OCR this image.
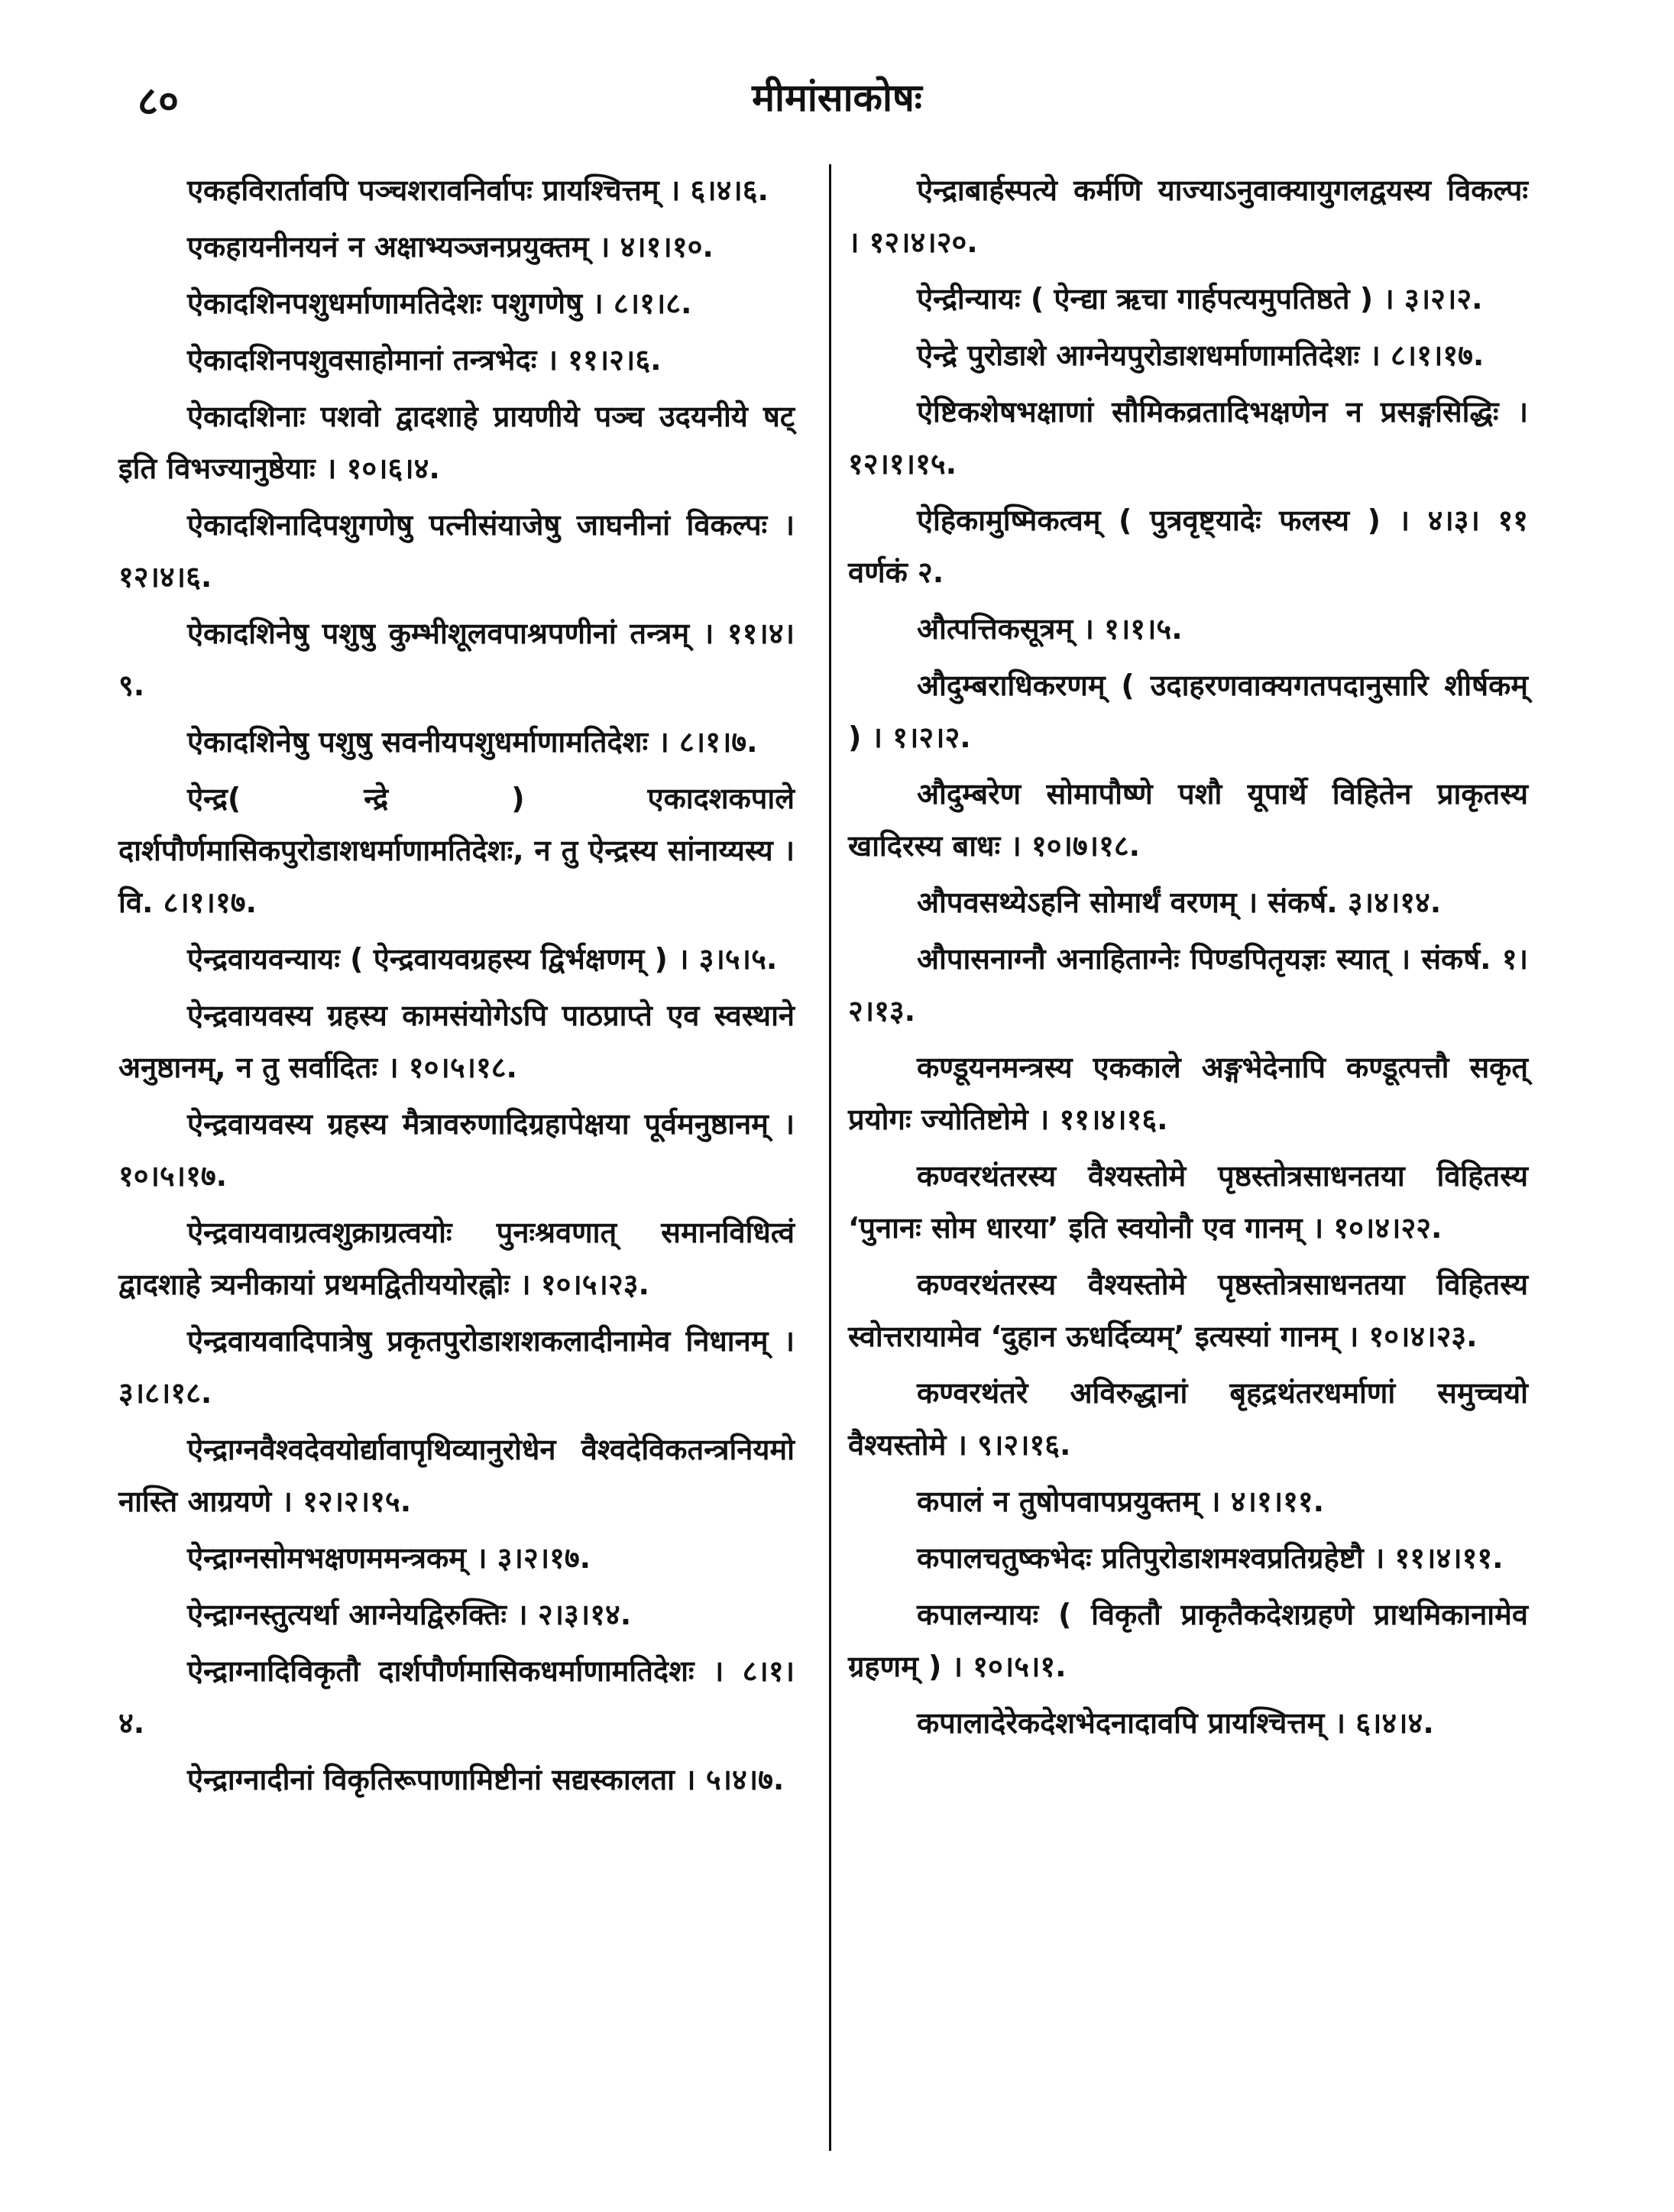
८०	मीमांसाकोषः

एकहविरार्तावपि पञ्चशरावनिर्वापः प्रायश्चित्तम् । ६।४।६.

एकहायनीनयनं न अक्षाभ्यञ्जनप्रयुक्तम् । ४।१।१०.

ऐकादशिनपशुधर्माणामतिदेशः पशुगणेषु । ८।१।८.

ऐकादशिनपशुवसाहोमानां तन्त्रभेदः । ११।२।६.

ऐकादशिनाः पशवो द्वादशाहे प्रायणीये पञ्च उदयनीये षट् इति विभज्यानुष्ठेयाः । १०।६।४.

ऐकादशिनादिपशुगणेषु पत्नीसंयाजेषु जाघनीनां विकल्पः । १२।४।६.

ऐकादशिनेषु पशुषु कुम्भीशूलवपाश्रपणीनां तन्त्रम् । ११।४।९.

ऐकादशिनेषु पशुषु सवनीयपशुधर्माणामतिदेशः । ८।१।७.

ऐन्द्र( न्द्रे ) एकादशकपाले दार्शपौर्णमासिकपुरोडाशधर्माणामतिदेशः, न तु ऐन्द्रस्य सांनाय्यस्य । वि. ८।१।१७.

ऐन्द्रवायवन्यायः ( ऐन्द्रवायवग्रहस्य द्विर्भक्षणम् ) । ३।५।५.

ऐन्द्रवायवस्य ग्रहस्य कामसंयोगेऽपि पाठप्राप्ते एव स्वस्थाने अनुष्ठानम्, न तु सर्वादितः । १०।५।१८.

ऐन्द्रवायवस्य ग्रहस्य मैत्रावरुणादिग्रहापेक्षया पूर्वमनुष्ठानम् । १०।५।१७.

ऐन्द्रवायवाग्रत्वशुक्राग्रत्वयोः पुनःश्रवणात् समानविधित्वं द्वादशाहे त्र्यनीकायां प्रथमद्वितीययोरह्नोः । १०।५।२३.

ऐन्द्रवायवादिपात्रेषु प्रकृतपुरोडाशशकलादीनामेव निधानम् । ३।८।१८.

ऐन्द्राग्नवैश्वदेवयोर्द्यावापृथिव्यानुरोधेन वैश्वदेविकतन्त्रनियमो नास्ति आग्रयणे । १२।२।१५.

ऐन्द्राग्नसोमभक्षणममन्त्रकम् । ३।२।१७.

ऐन्द्राग्नस्तुत्यर्था आग्नेयद्विरुक्तिः । २।३।१४.

ऐन्द्राग्नादिविकृतौ दार्शपौर्णमासिकधर्माणामतिदेशः । ८।१।४.

ऐन्द्राग्नादीनां विकृतिरूपाणामिष्टीनां सद्यस्कालता । ५।४।७.

ऐन्द्राबार्हस्पत्ये कर्मणि याज्याऽनुवाक्यायुगलद्वयस्य विकल्पः । १२।४।२०.

ऐन्द्रीन्यायः ( ऐन्द्या ऋचा गार्हपत्यमुपतिष्ठते ) । ३।२।२.

ऐन्द्रे पुरोडाशे आग्नेयपुरोडाशधर्माणामतिदेशः । ८।१।१७.

ऐष्टिकशेषभक्षाणां सौमिकव्रतादिभक्षणेन न प्रसङ्गसिद्धिः । १२।१।१५.

ऐहिकामुष्मिकत्वम् ( पुत्रवृष्ट्यादेः फलस्य ) । ४।३। ११ वर्णकं २.

औत्पत्तिकसूत्रम् । १।१।५.

औदुम्बराधिकरणम् ( उदाहरणवाक्यगतपदानुसारि शीर्षकम् ) । १।२।२.

औदुम्बरेण सोमापौष्णे पशौ यूपार्थे विहितेन प्राकृतस्य खादिरस्य बाधः । १०।७।१८.

औपवसथ्येऽहनि सोमार्थं वरणम् । संकर्ष. ३।४।१४.

औपासनाग्नौ अनाहिताग्नेः पिण्डपितृयज्ञः स्यात् । संकर्ष. १।२।१३.

कण्डूयनमन्त्रस्य एककाले अङ्गभेदेनापि कण्डूत्पत्तौ सकृत् प्रयोगः ज्योतिष्टोमे । ११।४।१६.

कण्वरथंतरस्य वैश्यस्तोमे पृष्ठस्तोत्रसाधनतया विहितस्य ‘पुनानः सोम धारया’ इति स्वयोनौ एव गानम् । १०।४।२२.

कण्वरथंतरस्य वैश्यस्तोमे पृष्ठस्तोत्रसाधनतया विहितस्य स्वोत्तरायामेव ‘दुहान ऊधर्दिव्यम्’ इत्यस्यां गानम् । १०।४।२३.

कण्वरथंतरे अविरुद्धानां बृहद्रथंतरधर्माणां समुच्चयो वैश्यस्तोमे । ९।२।१६.

कपालं न तुषोपवापप्रयुक्तम् । ४।१।११.

कपालचतुष्कभेदः प्रतिपुरोडाशमश्वप्रतिग्रहेष्टौ । ११।४।११.

कपालन्यायः ( विकृतौ प्राकृतैकदेशग्रहणे प्राथमिकानामेव ग्रहणम् ) । १०।५।१.

कपालादेरेकदेशभेदनादावपि प्रायश्चित्तम् । ६।४।४.
